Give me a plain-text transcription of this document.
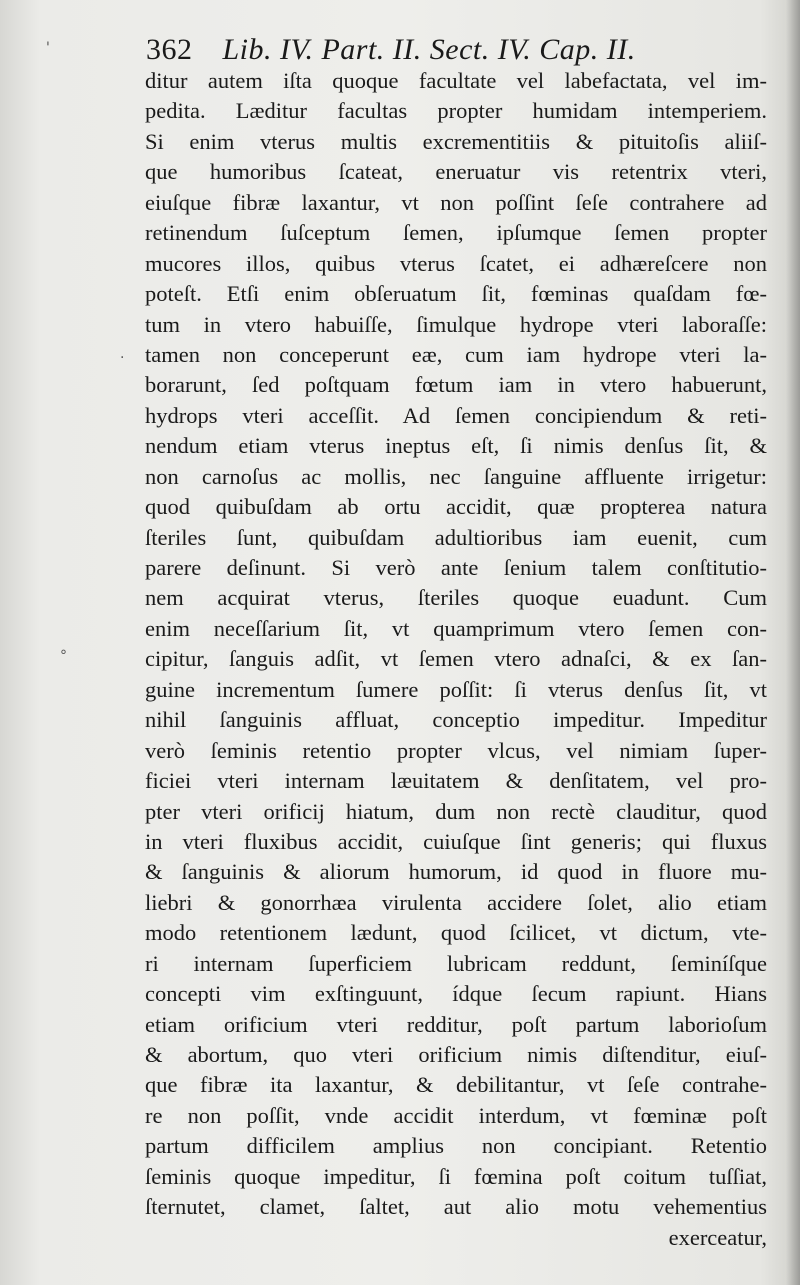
362 Lib. IV. Part. II. Sect. IV. Cap. II.
'
·
°
ditur autem iſta quoque facultate vel labefactata, vel im-
pedita. Læditur facultas propter humidam intemperiem.
Si enim vterus multis excrementitiis & pituitoſis aliiſ-
que humoribus ſcateat, eneruatur vis retentrix vteri,
eiuſque fibræ laxantur, vt non poſſint ſeſe contrahere ad
retinendum ſuſceptum ſemen, ipſumque ſemen propter
mucores illos, quibus vterus ſcatet, ei adhæreſcere non
poteſt. Etſi enim obſeruatum ſit, fœminas quaſdam fœ-
tum in vtero habuiſſe, ſimulque hydrope vteri laboraſſe:
tamen non conceperunt eæ, cum iam hydrope vteri la-
borarunt, ſed poſtquam fœtum iam in vtero habuerunt,
hydrops vteri acceſſit. Ad ſemen concipiendum & reti-
nendum etiam vterus ineptus eſt, ſi nimis denſus ſit, &
non carnoſus ac mollis, nec ſanguine affluente irrigetur:
quod quibuſdam ab ortu accidit, quæ propterea natura
ſteriles ſunt, quibuſdam adultioribus iam euenit, cum
parere deſinunt. Si verò ante ſenium talem conſtitutio-
nem acquirat vterus, ſteriles quoque euadunt. Cum
enim neceſſarium ſit, vt quamprimum vtero ſemen con-
cipitur, ſanguis adſit, vt ſemen vtero adnaſci, & ex ſan-
guine incrementum ſumere poſſit: ſi vterus denſus ſit, vt
nihil ſanguinis affluat, conceptio impeditur. Impeditur
verò ſeminis retentio propter vlcus, vel nimiam ſuper-
ficiei vteri internam læuitatem & denſitatem, vel pro-
pter vteri orificij hiatum, dum non rectè clauditur, quod
in vteri fluxibus accidit, cuiuſque ſint generis; qui fluxus
& ſanguinis & aliorum humorum, id quod in fluore mu-
liebri & gonorrhæa virulenta accidere ſolet, alio etiam
modo retentionem lædunt, quod ſcilicet, vt dictum, vte-
ri internam ſuperficiem lubricam reddunt, ſeminíſque
concepti vim exſtinguunt, ídque ſecum rapiunt. Hians
etiam orificium vteri redditur, poſt partum laborioſum
& abortum, quo vteri orificium nimis diſtenditur, eiuſ-
que fibræ ita laxantur, & debilitantur, vt ſeſe contrahe-
re non poſſit, vnde accidit interdum, vt fœminæ poſt
partum difficilem amplius non concipiant. Retentio
ſeminis quoque impeditur, ſi fœmina poſt coitum tuſſiat,
ſternutet, clamet, ſaltet, aut alio motu vehementius
exerceatur,
